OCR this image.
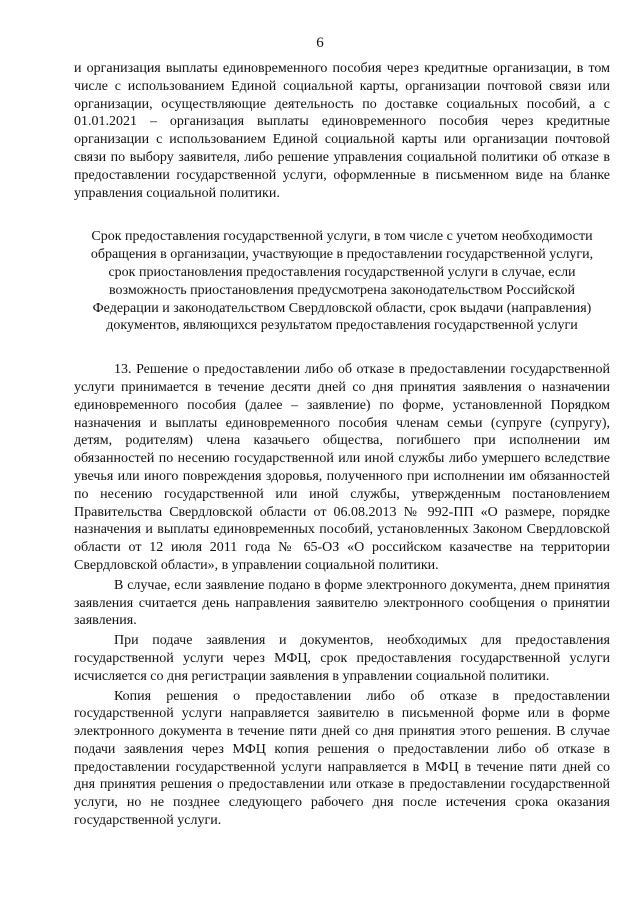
6

и организация выплаты единовременного пособия через кредитные организации, в том числе с использованием Единой социальной карты, организации почтовой связи или организации, осуществляющие деятельность по доставке социальных пособий, а с 01.01.2021 – организация выплаты единовременного пособия через кредитные организации с использованием Единой социальной карты или организации почтовой связи по выбору заявителя, либо решение управления социальной политики об отказе в предоставлении государственной услуги, оформленные в письменном виде на бланке управления социальной политики.

Срок предоставления государственной услуги, в том числе с учетом необходимости обращения в организации, участвующие в предоставлении государственной услуги, срок приостановления предоставления государственной услуги в случае, если возможность приостановления предусмотрена законодательством Российской Федерации и законодательством Свердловской области, срок выдачи (направления) документов, являющихся результатом предоставления государственной услуги

13. Решение о предоставлении либо об отказе в предоставлении государственной услуги принимается в течение десяти дней со дня принятия заявления о назначении единовременного пособия (далее – заявление) по форме, установленной Порядком назначения и выплаты единовременного пособия членам семьи (супруге (супругу), детям, родителям) члена казачьего общества, погибшего при исполнении им обязанностей по несению государственной или иной службы либо умершего вследствие увечья или иного повреждения здоровья, полученного при исполнении им обязанностей по несению государственной или иной службы, утвержденным постановлением Правительства Свердловской области от 06.08.2013 № 992-ПП «О размере, порядке назначения и выплаты единовременных пособий, установленных Законом Свердловской области от 12 июля 2011 года № 65-ОЗ «О российском казачестве на территории Свердловской области», в управлении социальной политики.

В случае, если заявление подано в форме электронного документа, днем принятия заявления считается день направления заявителю электронного сообщения о принятии заявления.

При подаче заявления и документов, необходимых для предоставления государственной услуги через МФЦ, срок предоставления государственной услуги исчисляется со дня регистрации заявления в управлении социальной политики.

Копия решения о предоставлении либо об отказе в предоставлении государственной услуги направляется заявителю в письменной форме или в форме электронного документа в течение пяти дней со дня принятия этого решения. В случае подачи заявления через МФЦ копия решения о предоставлении либо об отказе в предоставлении государственной услуги направляется в МФЦ в течение пяти дней со дня принятия решения о предоставлении или отказе в предоставлении государственной услуги, но не позднее следующего рабочего дня после истечения срока оказания государственной услуги.
